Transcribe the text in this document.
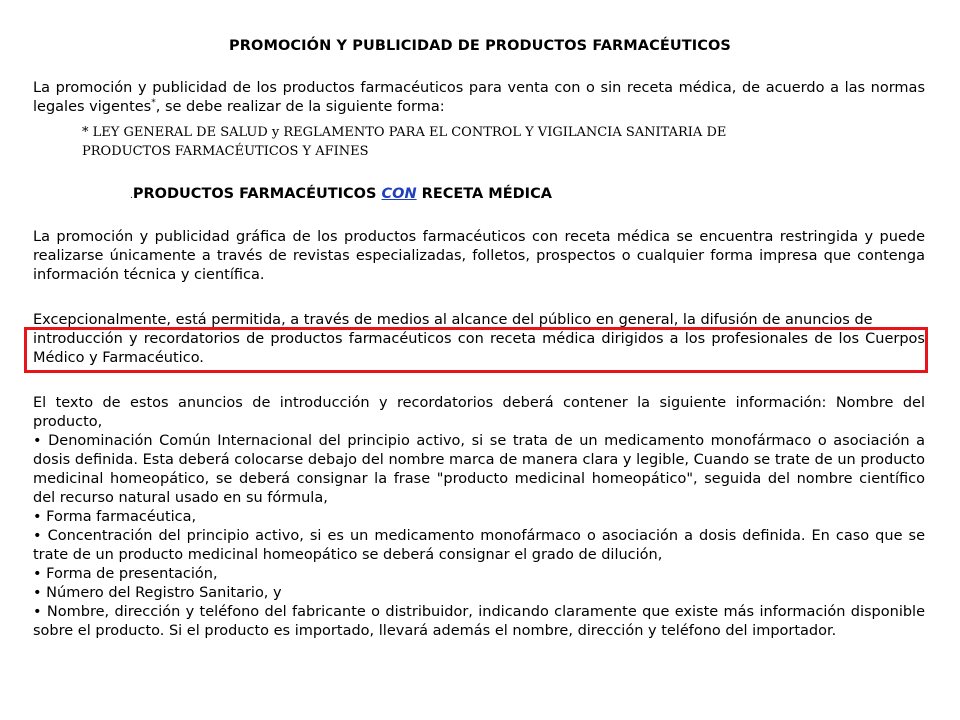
PROMOCIÓN Y PUBLICIDAD DE PRODUCTOS FARMACÉUTICOS
La promoción y publicidad de los productos farmacéuticos para venta con o sin receta médica, de acuerdo a las normas legales vigentes*, se debe realizar de la siguiente forma:
* LEY GENERAL DE SALUD y REGLAMENTO PARA EL CONTROL Y VIGILANCIA SANITARIA DE
PRODUCTOS FARMACÉUTICOS Y AFINES
.PRODUCTOS FARMACÉUTICOS CON RECETA MÉDICA
La promoción y publicidad gráfica de los productos farmacéuticos con receta médica se encuentra restringida y puede realizarse únicamente a través de revistas especializadas, folletos, prospectos o cualquier forma impresa que contenga información técnica y científica.
Excepcionalmente, está permitida, a través de medios al alcance del público en general, la difusión de anuncios de
introducción y recordatorios de productos farmacéuticos con receta médica dirigidos a los profesionales de los Cuerpos Médico y Farmacéutico.
El texto de estos anuncios de introducción y recordatorios deberá contener la siguiente información: Nombre del producto,
• Denominación Común Internacional del principio activo, si se trata de un medicamento monofármaco o asociación a dosis definida. Esta deberá colocarse debajo del nombre marca de manera clara y legible, Cuando se trate de un producto medicinal homeopático, se deberá consignar la frase "producto medicinal homeopático", seguida del nombre científico del recurso natural usado en su fórmula,
• Forma farmacéutica,
• Concentración del principio activo, si es un medicamento monofármaco o asociación a dosis definida. En caso que se trate de un producto medicinal homeopático se deberá consignar el grado de dilución,
• Forma de presentación,
• Número del Registro Sanitario, y
• Nombre, dirección y teléfono del fabricante o distribuidor, indicando claramente que existe más información disponible sobre el producto. Si el producto es importado, llevará además el nombre, dirección y teléfono del importador.
